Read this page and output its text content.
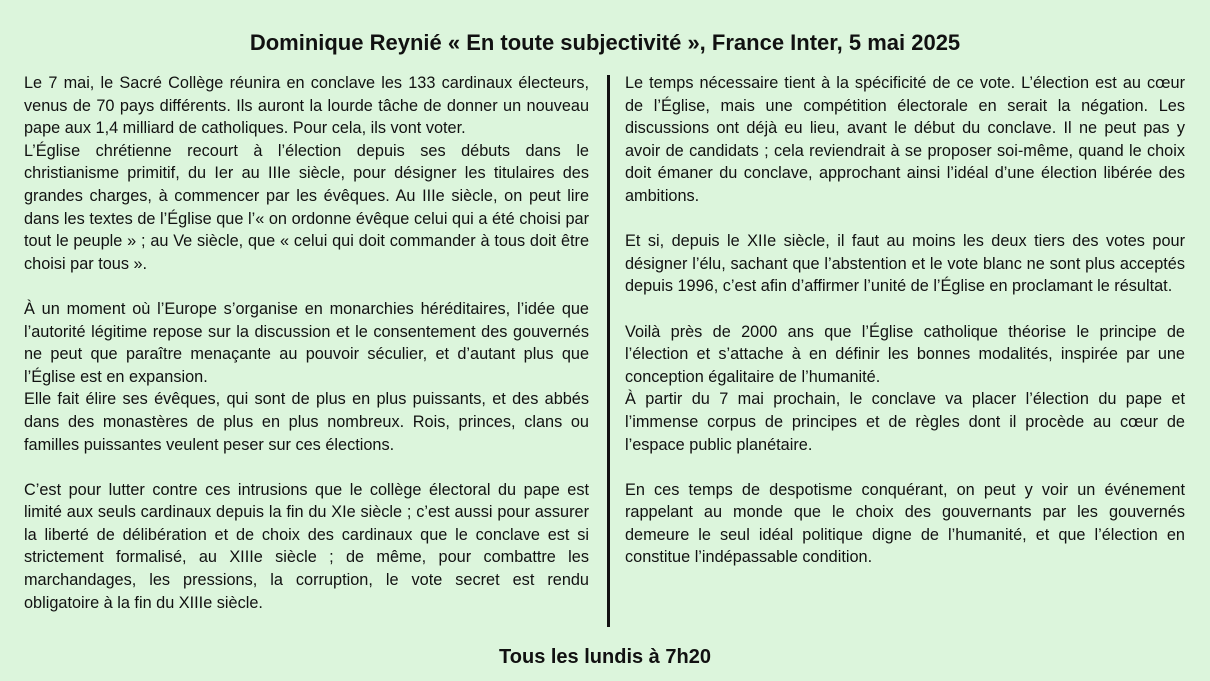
Dominique Reynié « En toute subjectivité », France Inter, 5 mai 2025

Le 7 mai, le Sacré Collège réunira en conclave les 133 cardinaux électeurs, venus de 70 pays différents. Ils auront la lourde tâche de donner un nouveau pape aux 1,4 milliard de catholiques. Pour cela, ils vont voter.

L’Église chrétienne recourt à l’élection depuis ses débuts dans le christianisme primitif, du Ier au IIIe siècle, pour désigner les titulaires des grandes charges, à commencer par les évêques. Au IIIe siècle, on peut lire dans les textes de l’Église que l’« on ordonne évêque celui qui a été choisi par tout le peuple » ; au Ve siècle, que « celui qui doit commander à tous doit être choisi par tous ».

À un moment où l’Europe s’organise en monarchies héréditaires, l’idée que l’autorité légitime repose sur la discussion et le consentement des gouvernés ne peut que paraître menaçante au pouvoir séculier, et d’autant plus que l’Église est en expansion.

Elle fait élire ses évêques, qui sont de plus en plus puissants, et des abbés dans des monastères de plus en plus nombreux. Rois, princes, clans ou familles puissantes veulent peser sur ces élections.

C’est pour lutter contre ces intrusions que le collège électoral du pape est limité aux seuls cardinaux depuis la fin du XIe siècle ; c’est aussi pour assurer la liberté de délibération et de choix des cardinaux que le conclave est si strictement formalisé, au XIIIe siècle ; de même, pour combattre les marchandages, les pressions, la corruption, le vote secret est rendu obligatoire à la fin du XIIIe siècle.

Le temps nécessaire tient à la spécificité de ce vote. L’élection est au cœur de l’Église, mais une compétition électorale en serait la négation. Les discussions ont déjà eu lieu, avant le début du conclave. Il ne peut pas y avoir de candidats ; cela reviendrait à se proposer soi-même, quand le choix doit émaner du conclave, approchant ainsi l’idéal d’une élection libérée des ambitions.

Et si, depuis le XIIe siècle, il faut au moins les deux tiers des votes pour désigner l’élu, sachant que l’abstention et le vote blanc ne sont plus acceptés depuis 1996, c’est afin d’affirmer l’unité de l’Église en proclamant le résultat.

Voilà près de 2000 ans que l’Église catholique théorise le principe de l’élection et s’attache à en définir les bonnes modalités, inspirée par une conception égalitaire de l’humanité.

À partir du 7 mai prochain, le conclave va placer l’élection du pape et l’immense corpus de principes et de règles dont il procède au cœur de l’espace public planétaire.

En ces temps de despotisme conquérant, on peut y voir un événement rappelant au monde que le choix des gouvernants par les gouvernés demeure le seul idéal politique digne de l’humanité, et que l’élection en constitue l’indépassable condition.

Tous les lundis à 7h20
